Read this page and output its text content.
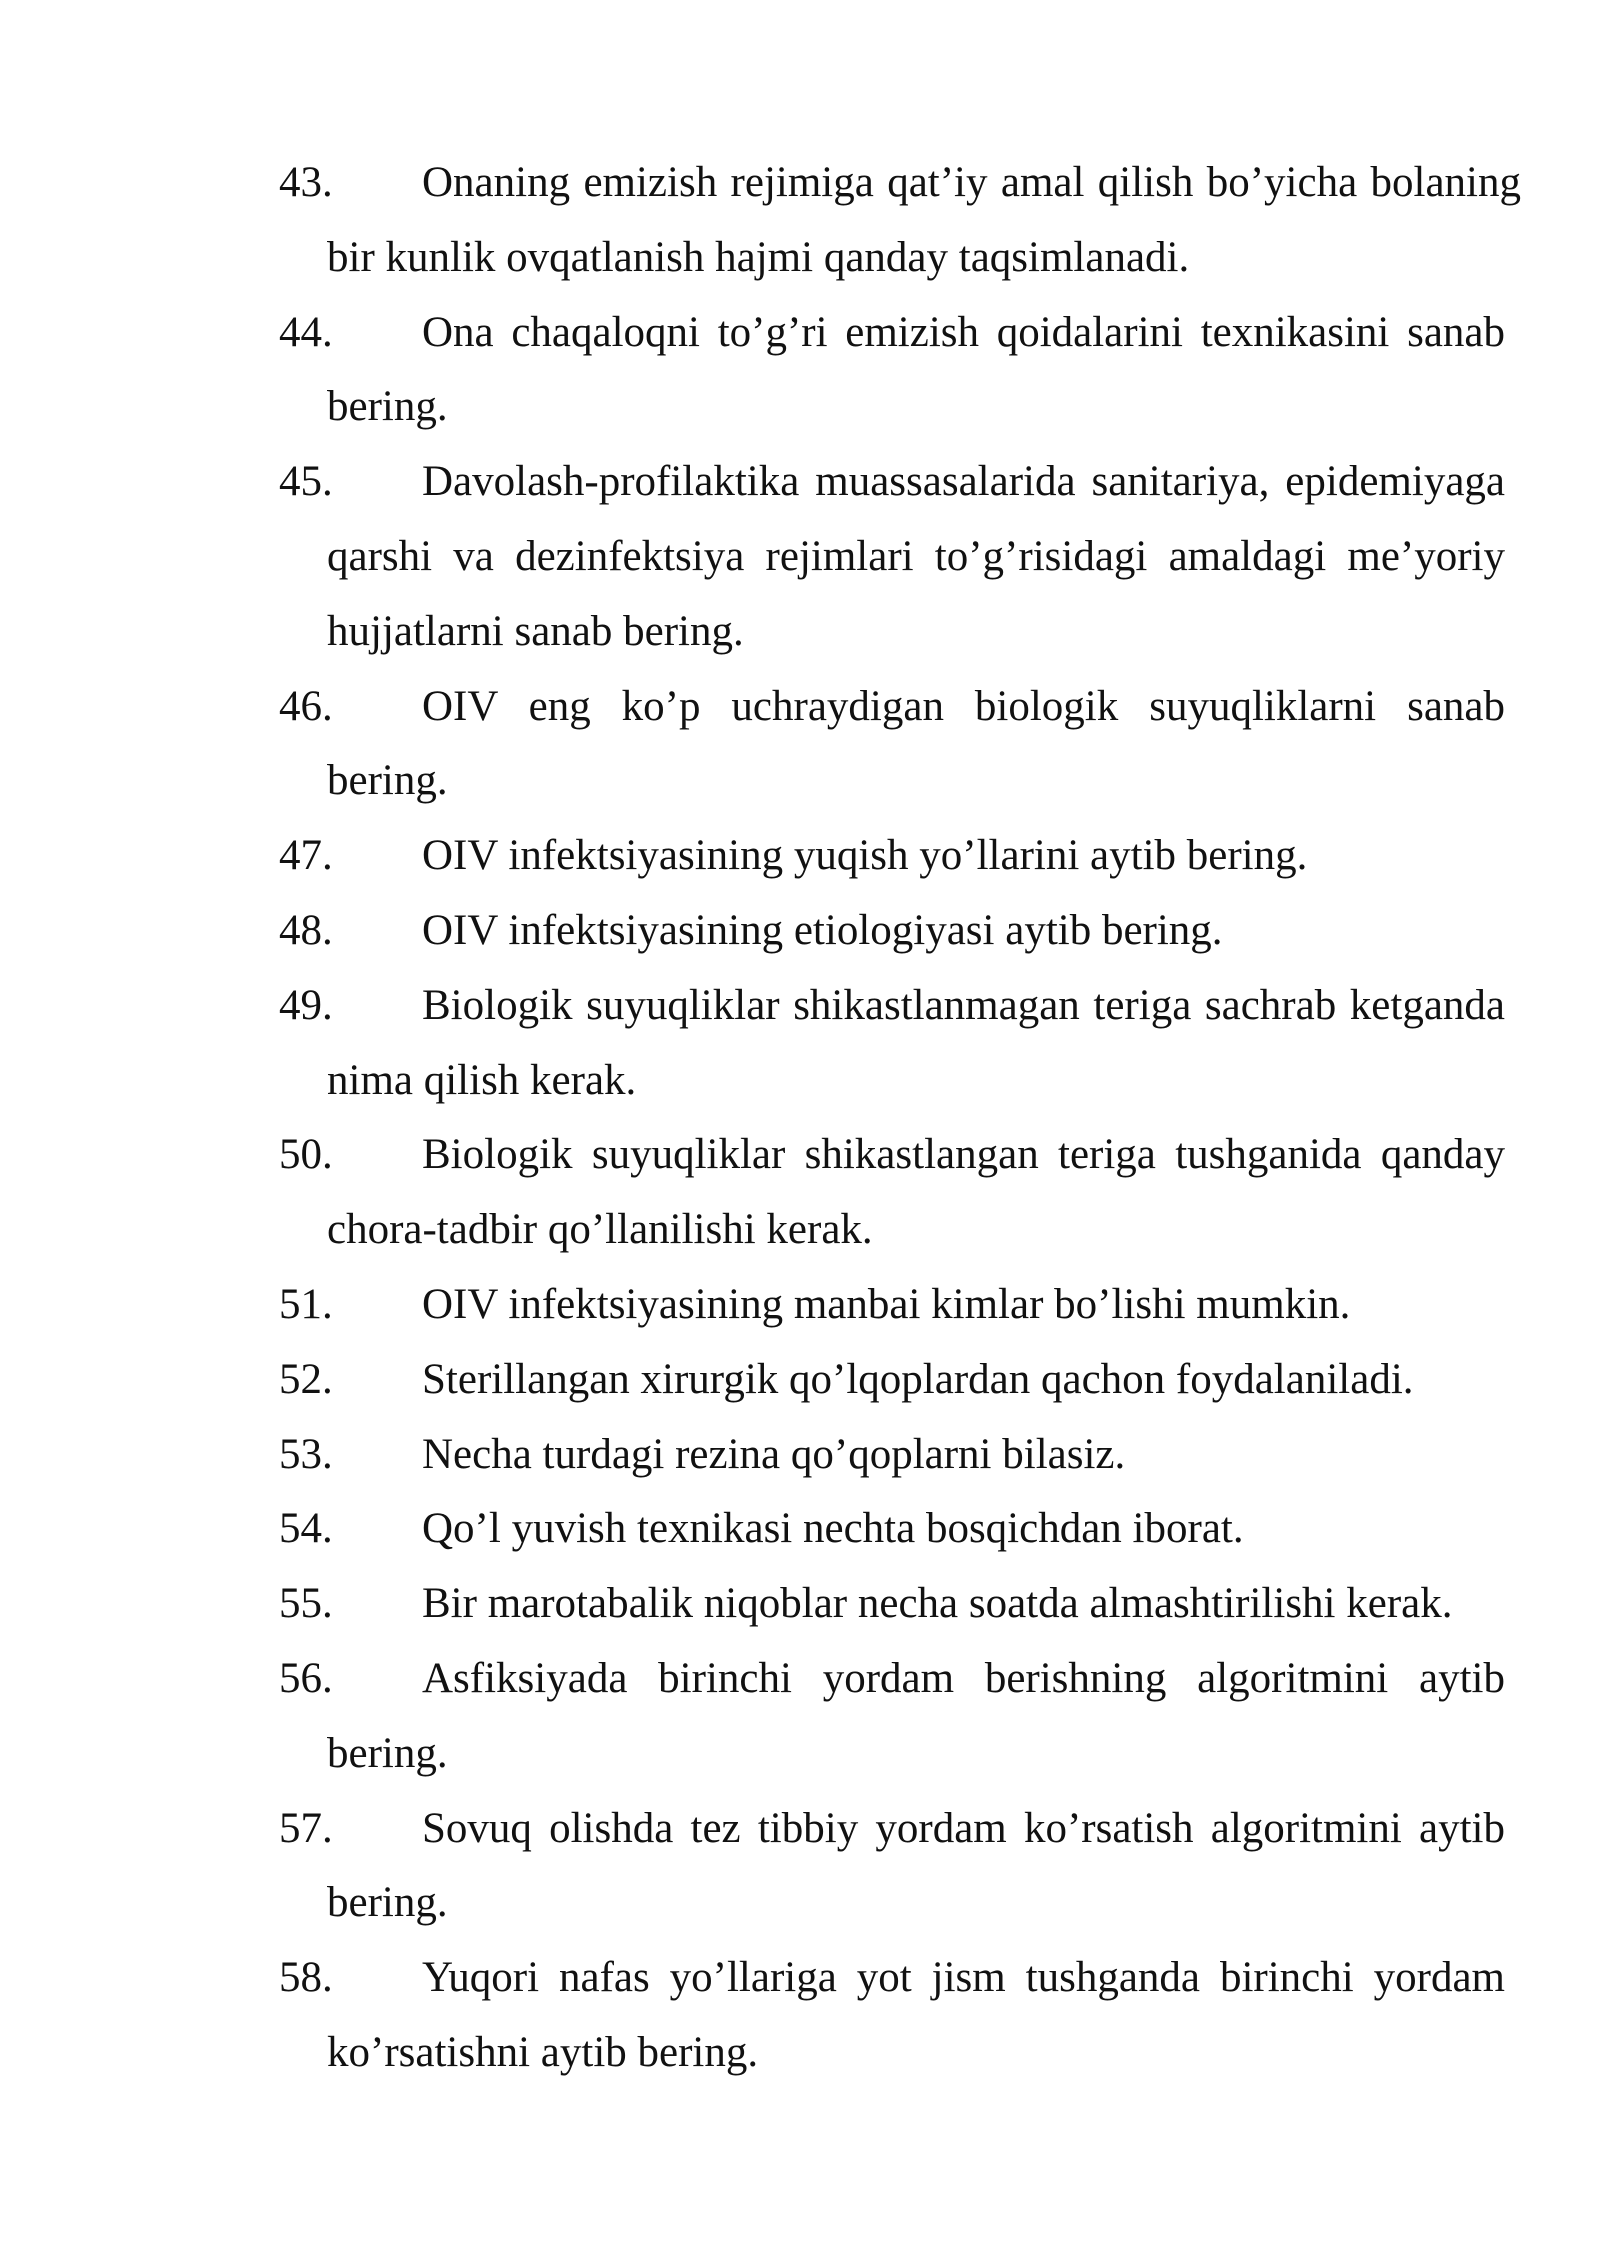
43. Onaning emizish rejimiga qat’iy amal qilish bo’yicha bolaning bir kunlik ovqatlanish hajmi qanday taqsimlanadi.

44. Ona chaqaloqni to’g’ri emizish qoidalarini texnikasini sanab bering.

45. Davolash-profilaktika muassasalarida sanitariya, epidemiyaga qarshi va dezinfektsiya rejimlari to’g’risidagi amaldagi me’yoriy hujjatlarni sanab bering.

46. OIV eng ko’p uchraydigan biologik suyuqliklarni sanab bering.

47. OIV infektsiyasining yuqish yo’llarini aytib bering.

48. OIV infektsiyasining etiologiyasi aytib bering.

49. Biologik suyuqliklar shikastlanmagan teriga sachrab ketganda nima qilish kerak.

50. Biologik suyuqliklar shikastlangan teriga tushganida qanday chora-tadbir qo’llanilishi kerak.

51. OIV infektsiyasining manbai kimlar bo’lishi mumkin.

52. Sterillangan xirurgik qo’lqoplardan qachon foydalaniladi.

53. Necha turdagi rezina qo’qoplarni bilasiz.

54. Qo’l yuvish texnikasi nechta bosqichdan iborat.

55. Bir marotabalik niqoblar necha soatda almashtirilishi kerak.

56. Asfiksiyada birinchi yordam berishning algoritmini aytib bering.

57. Sovuq olishda tez tibbiy yordam ko’rsatish algoritmini aytib bering.

58. Yuqori nafas yo’llariga yot jism tushganda birinchi yordam ko’rsatishni aytib bering.
